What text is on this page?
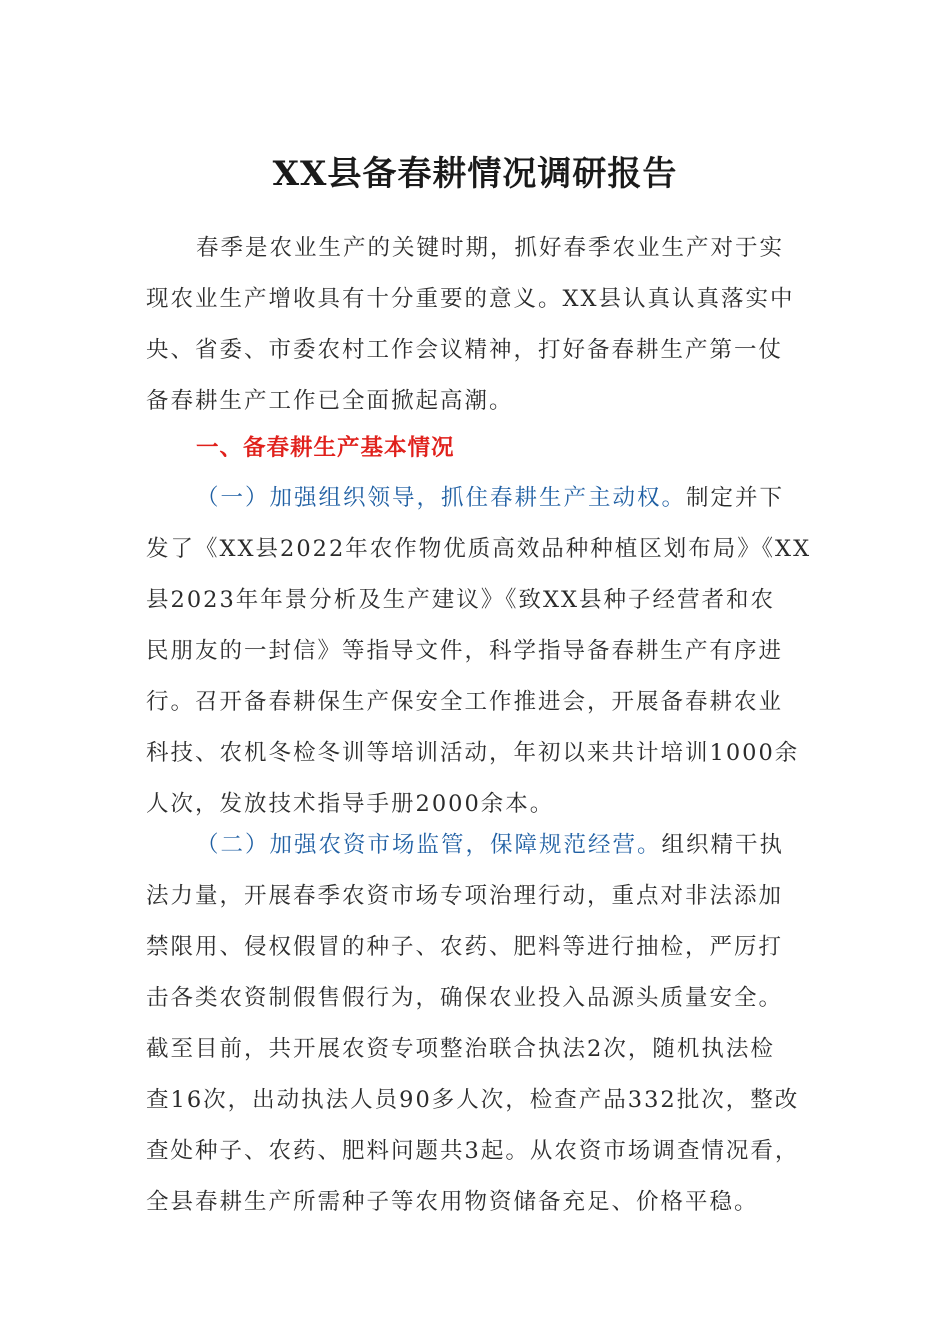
XX县备春耕情况调研报告
春季是农业生产的关键时期，抓好春季农业生产对于实
现农业生产增收具有十分重要的意义。XX县认真认真落实中
央、省委、市委农村工作会议精神，打好备春耕生产第一仗
备春耕生产工作已全面掀起高潮。
一、备春耕生产基本情况
（一）加强组织领导，抓住春耕生产主动权。制定并下
发了《XX县2022年农作物优质高效品种种植区划布局》《XX
县2023年年景分析及生产建议》《致XX县种子经营者和农
民朋友的一封信》等指导文件，科学指导备春耕生产有序进
行。召开备春耕保生产保安全工作推进会，开展备春耕农业
科技、农机冬检冬训等培训活动，年初以来共计培训1000余
人次，发放技术指导手册2000余本。
（二）加强农资市场监管，保障规范经营。组织精干执
法力量，开展春季农资市场专项治理行动，重点对非法添加
禁限用、侵权假冒的种子、农药、肥料等进行抽检，严厉打
击各类农资制假售假行为，确保农业投入品源头质量安全。
截至目前，共开展农资专项整治联合执法2次，随机执法检
查16次，出动执法人员90多人次，检查产品332批次，整改
查处种子、农药、肥料问题共3起。从农资市场调查情况看，
全县春耕生产所需种子等农用物资储备充足、价格平稳。
